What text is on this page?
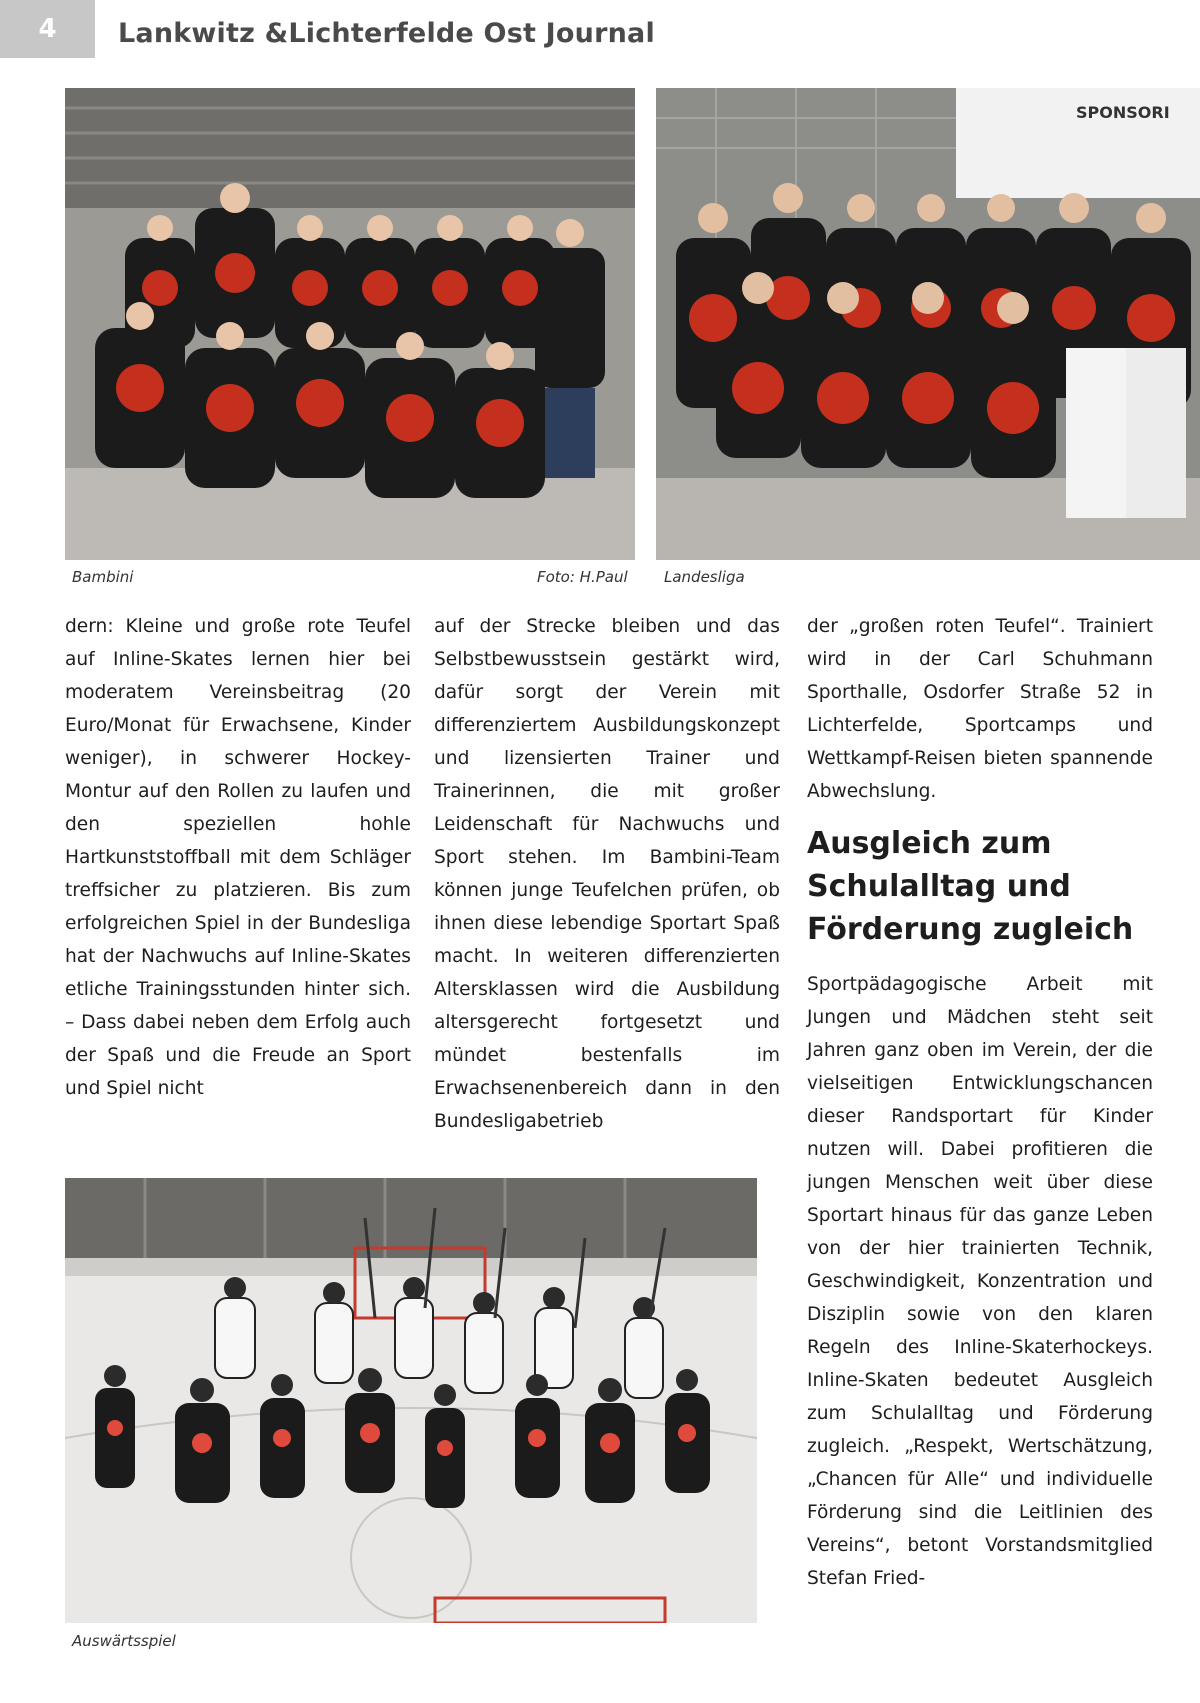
4	Lankwitz &Lichterfelde Ost Journal
Bambini	Foto: H.Paul
SPONSORI
Landesliga
dern: Kleine und große rote Teufel auf Inline-Skates lernen hier bei moderatem Vereinsbeitrag (20 Euro/Monat für Erwachsene, Kinder weniger), in schwerer Hockey-Montur auf den Rollen zu laufen und den speziellen hohle Hartkunststoffball mit dem Schläger treffsicher zu platzieren. Bis zum erfolgreichen Spiel in der Bundesliga hat der Nachwuchs auf Inline-Skates etliche Trainingsstunden hinter sich. – Dass dabei neben dem Erfolg auch der Spaß und die Freude an Sport und Spiel nicht
auf der Strecke bleiben und das Selbstbewusstsein gestärkt wird, dafür sorgt der Verein mit differenziertem Ausbildungskonzept und lizensierten Trainer und Trainerinnen, die mit großer Leidenschaft für Nachwuchs und Sport stehen. Im Bambini-Team können junge Teufelchen prüfen, ob ihnen diese lebendige Sportart Spaß macht. In weiteren differenzierten Altersklassen wird die Ausbildung altersgerecht fortgesetzt und mündet bestenfalls im Erwachsenenbereich dann in den Bundesligabetrieb
der „großen roten Teufel“. Trainiert wird in der Carl Schuhmann Sporthalle, Osdorfer Straße 52 in Lichterfelde, Sportcamps und Wettkampf-Reisen bieten spannende Abwechslung.
Ausgleich zum Schulalltag und Förderung zugleich
Sportpädagogische Arbeit mit Jungen und Mädchen steht seit Jahren ganz oben im Verein, der die vielseitigen Entwicklungschancen dieser Randsportart für Kinder nutzen will. Dabei profitieren die jungen Menschen weit über diese Sportart hinaus für das ganze Leben von der hier trainierten Technik, Geschwindigkeit, Konzentration und Disziplin sowie von den klaren Regeln des Inline-Skaterhockeys. Inline-Skaten bedeutet Ausgleich zum Schulalltag und Förderung zugleich. „Respekt, Wertschätzung, „Chancen für Alle“ und individuelle Förderung sind die Leitlinien des Vereins“, betont Vorstandsmitglied Stefan Fried-
Auswärtsspiel
